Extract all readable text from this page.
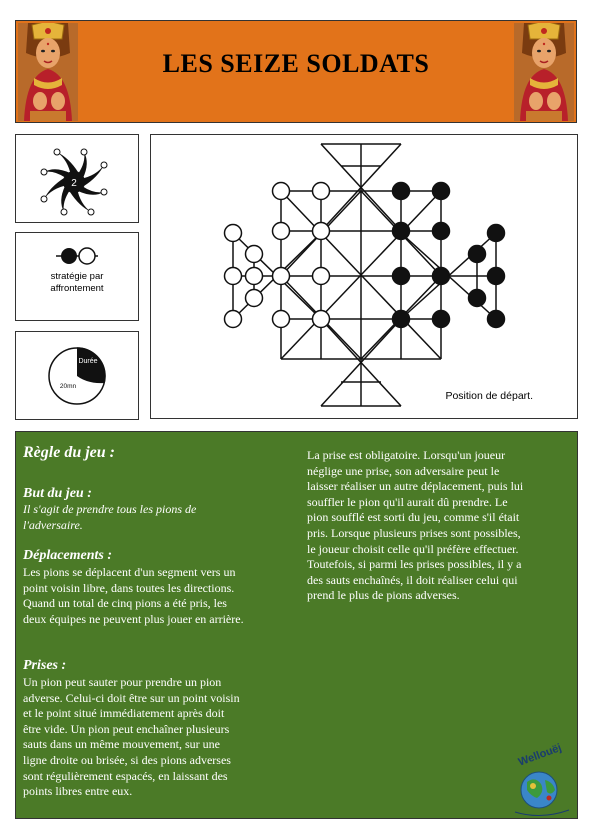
LES SEIZE SOLDATS
2
stratégie par
affrontement
Durée
20mn
Position de départ.
Règle du jeu :
But du jeu :

Il s'agit de prendre tous les pions de

l'adversaire.

Déplacements :

Les pions se déplacent d'un segment vers un

point voisin libre, dans toutes les directions.

Quand un total de cinq pions a été pris, les

deux équipes ne peuvent plus jouer en arrière.

Prises :

Un pion peut sauter pour prendre un pion

adverse. Celui-ci doit être sur un point voisin

et le point situé immédiatement après doit

être vide. Un pion peut enchaîner plusieurs

sauts dans un même mouvement, sur une

ligne droite ou brisée, si des pions adverses

sont régulièrement espacés, en laissant des

points libres entre eux.

La prise est obligatoire. Lorsqu'un joueur

néglige une prise, son adversaire peut le

laisser réaliser un autre déplacement, puis lui

souffler le pion qu'il aurait dû prendre. Le

pion soufflé est sorti du jeu, comme s'il était

pris. Lorsque plusieurs prises sont possibles,

le joueur choisit celle qu'il préfère effectuer.

Toutefois, si parmi les prises possibles, il y a

des sauts enchaînés, il doit réaliser celui qui

prend le plus de pions adverses.

Wellouëj
